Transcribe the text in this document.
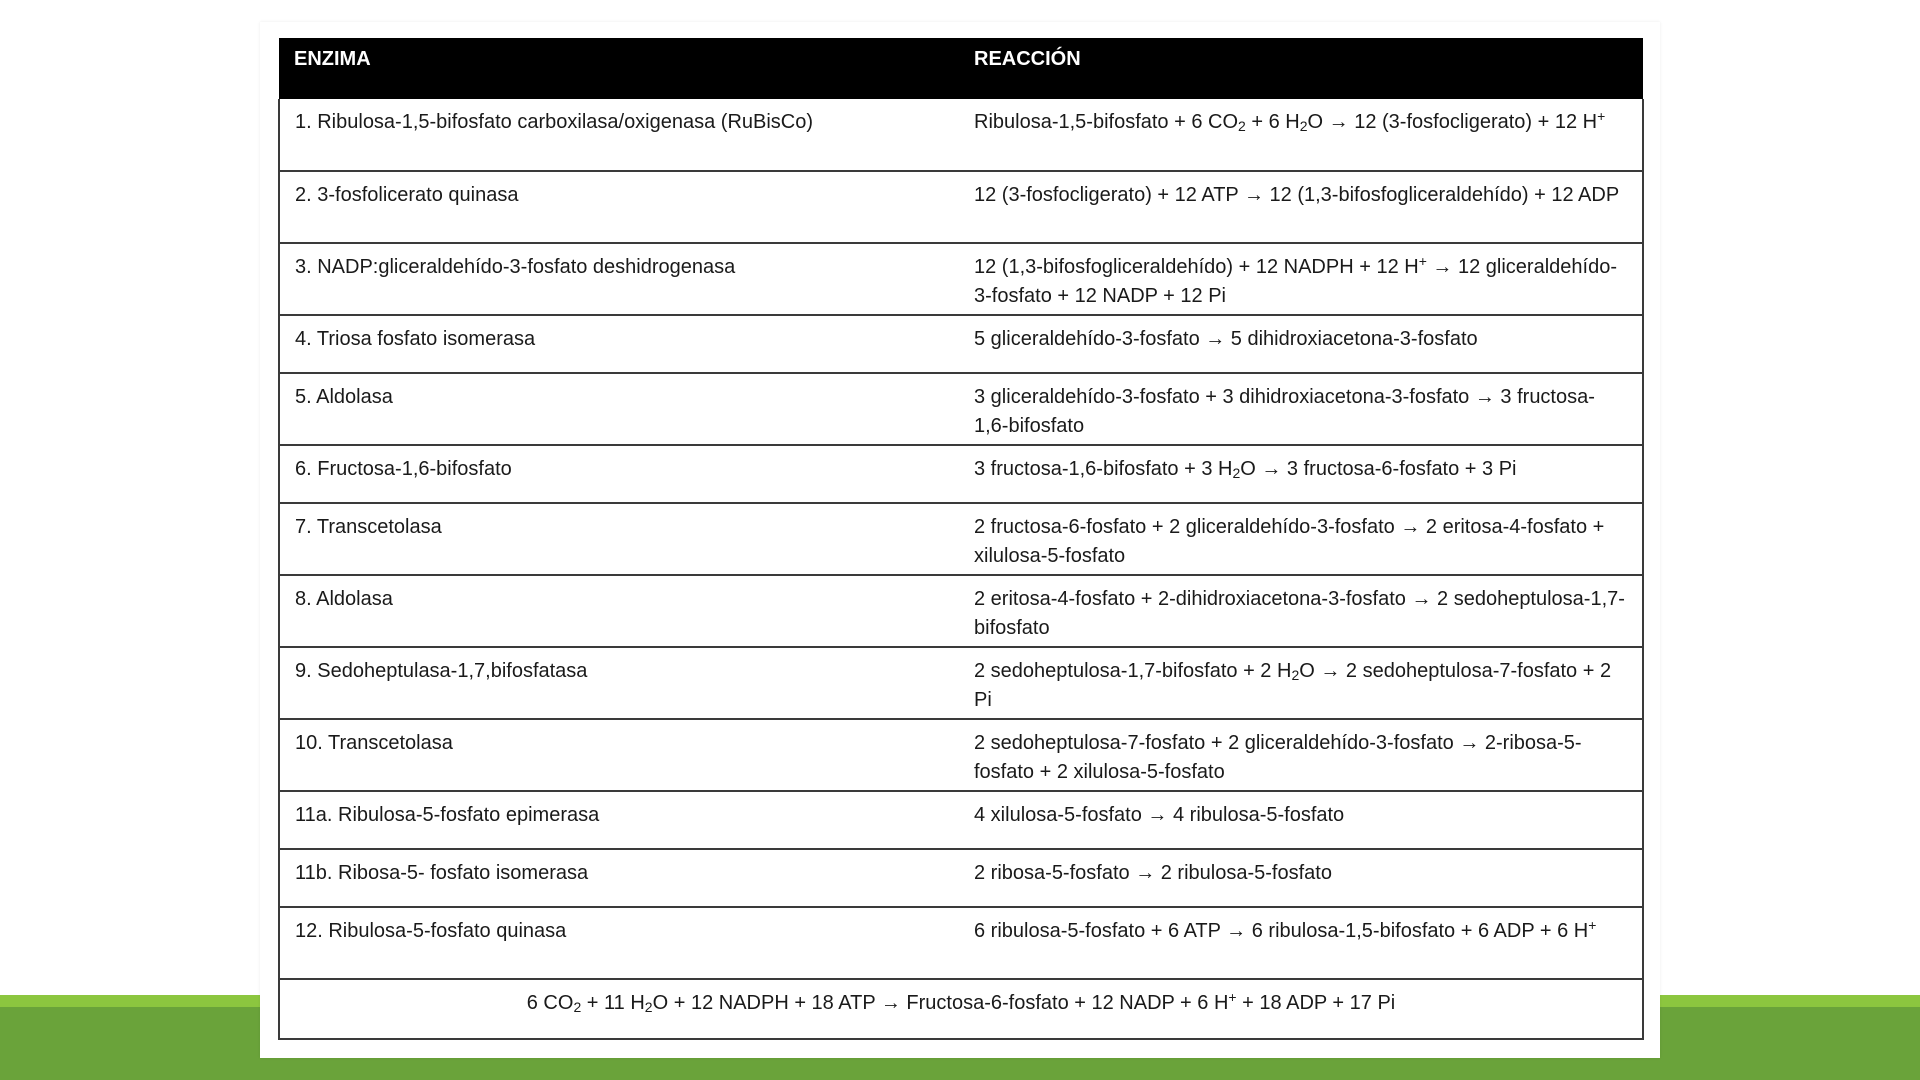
ENZIMA	REACCIÓN
1. Ribulosa-1,5-bifosfato carboxilasa/oxigenasa (RuBisCo)	Ribulosa-1,5-bifosfato + 6 $CO_2 + 6$ $H_2O \to 12$ (3-fosfocligerato) + 12 H+
2. 3-fosfolicerato quinasa	12 (3-fosfocligerato) + 12 ATP → 12 (1,3-bifosfogliceraldehído) + 12 ADP
3. NADP:gliceraldehído-3-fosfato deshidrogenasa	12 (1,3-bifosfogliceraldehído) + 12 NADPH + 12 H+ → 12 gliceraldehído-3-fosfato + 12 NADP + 12 Pi
4. Triosa fosfato isomerasa	5 gliceraldehído-3-fosfato → 5 dihidroxiacetona-3-fosfato
5. Aldolasa	3 gliceraldehído-3-fosfato + 3 dihidroxiacetona-3-fosfato → 3 fructosa-1,6-bifosfato
6. Fructosa-1,6-bifosfato	3 fructosa-1,6-bifosfato + 3 $H_2O \to 3$ fructosa-6-fosfato + 3 Pi
7. Transcetolasa	2 fructosa-6-fosfato + 2 gliceraldehído-3-fosfato → 2 eritosa-4-fosfato + xilulosa-5-fosfato
8. Aldolasa	2 eritosa-4-fosfato + 2-dihidroxiacetona-3-fosfato → 2 sedoheptulosa-1,7-bifosfato
9. Sedoheptulasa-1,7,bifosfatasa	2 sedoheptulosa-1,7-bifosfato + 2 $H_2O \to 2$ sedoheptulosa-7-fosfato + 2 Pi
10. Transcetolasa	2 sedoheptulosa-7-fosfato + 2 gliceraldehído-3-fosfato → 2-ribosa-5-fosfato + 2 xilulosa-5-fosfato
11a. Ribulosa-5-fosfato epimerasa	4 xilulosa-5-fosfato → 4 ribulosa-5-fosfato
11b. Ribosa-5- fosfato isomerasa	2 ribosa-5-fosfato → 2 ribulosa-5-fosfato
12. Ribulosa-5-fosfato quinasa	6 ribulosa-5-fosfato + 6 ATP → 6 ribulosa-1,5-bifosfato + 6 ADP + 6 H+
6 $CO_2 + 11$ $H_2O + 12$ NADPH + 18 ATP → Fructosa-6-fosfato + 12 NADP + 6 H+ + 18 ADP + 17 Pi	
